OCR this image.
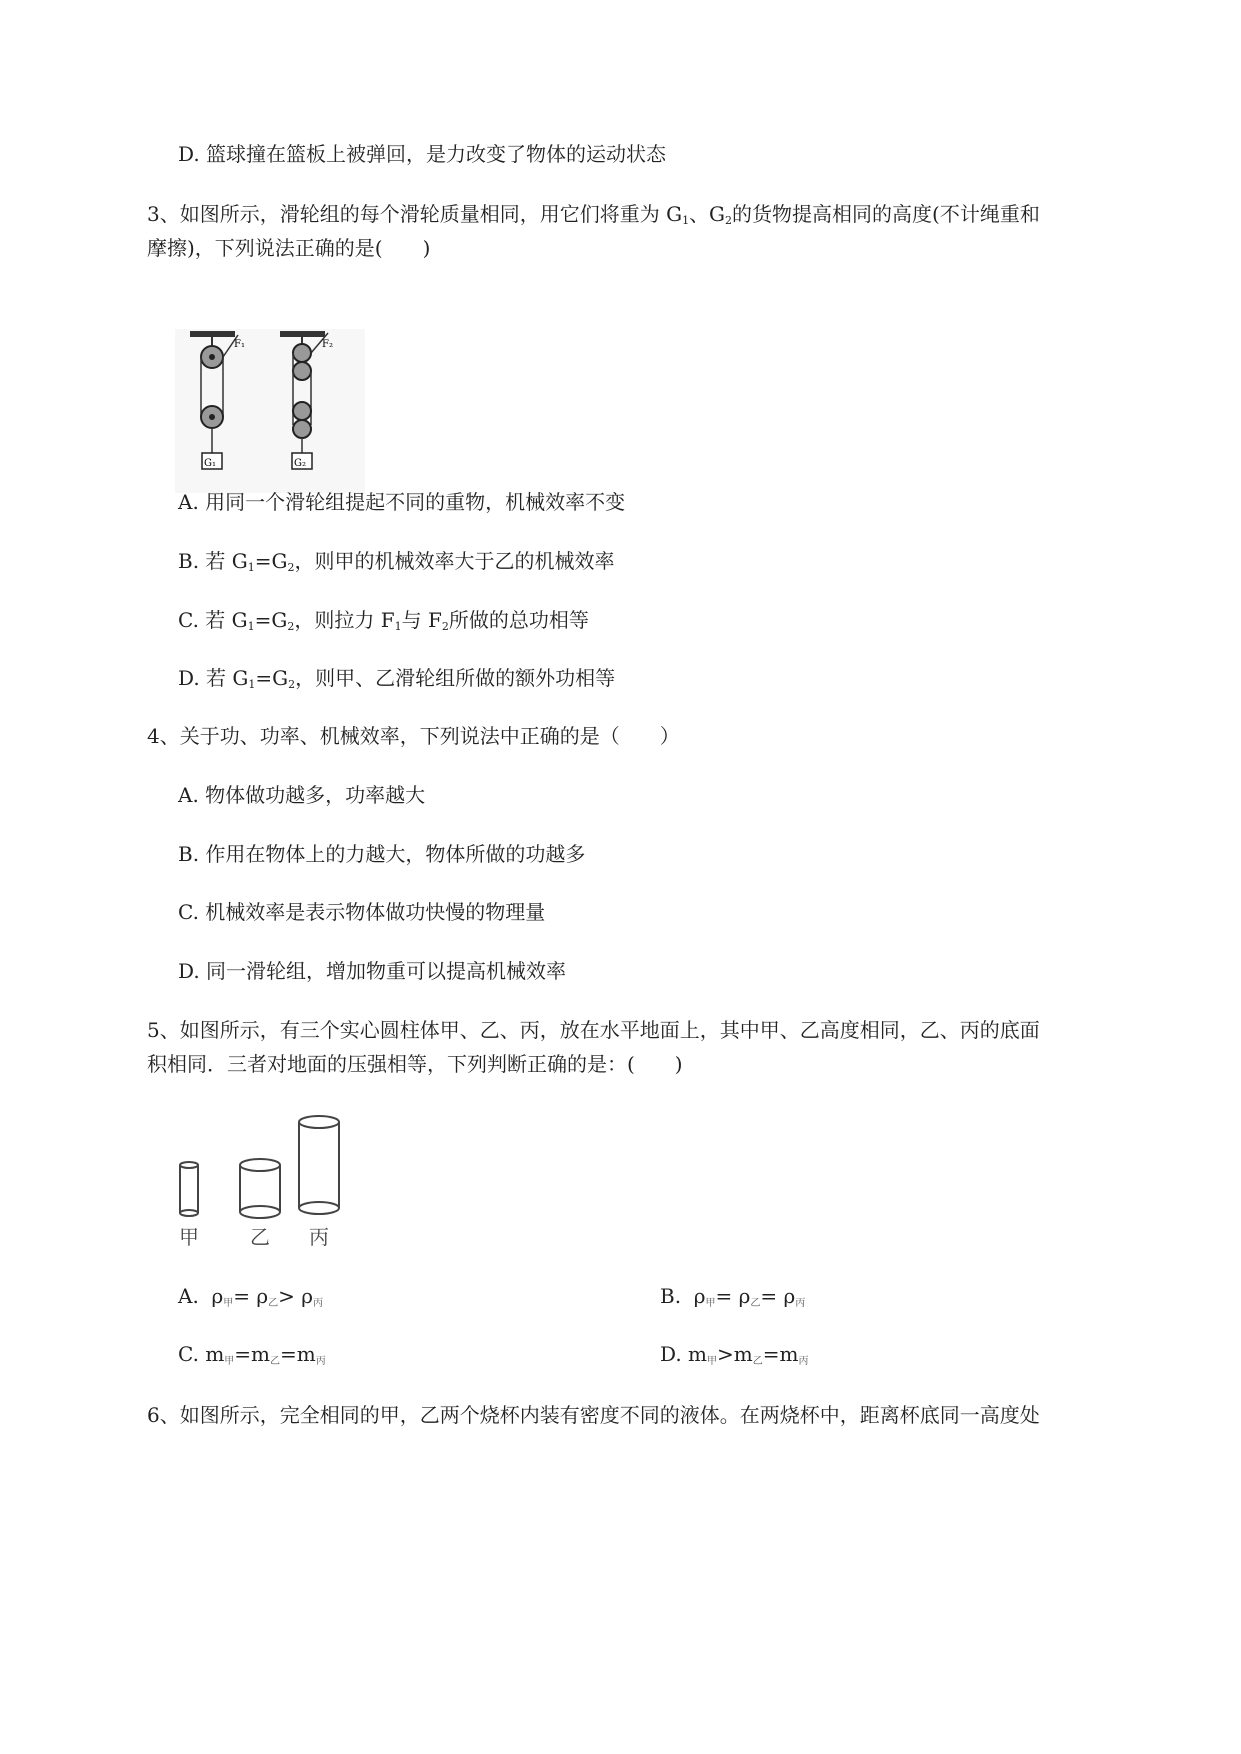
D. 篮球撞在篮板上被弹回，是力改变了物体的运动状态
3、如图所示，滑轮组的每个滑轮质量相同，用它们将重为 $G_1$、$G_2$的货物提高相同的高度(不计绳重和
摩擦)，下列说法正确的是(　　)
F₁
G₁
F₂
G₂
A. 用同一个滑轮组提起不同的重物，机械效率不变
B. 若 $G_1=G_2$，则甲的机械效率大于乙的机械效率
C. 若 $G_1=G_2$，则拉力 $F_1$与 $F_2$所做的总功相等
D. 若 $G_1=G_2$，则甲、乙滑轮组所做的额外功相等
4、关于功、功率、机械效率，下列说法中正确的是（　　）
A. 物体做功越多，功率越大
B. 作用在物体上的力越大，物体所做的功越多
C. 机械效率是表示物体做功快慢的物理量
D. 同一滑轮组，增加物重可以提高机械效率
5、如图所示，有三个实心圆柱体甲、乙、丙，放在水平地面上，其中甲、乙高度相同，乙、丙的底面
积相同．三者对地面的压强相等，下列判断正确的是：(　　)
甲	乙 丙
A. $\rho_甲= \rho_乙> \rho_丙$	B. $\rho_甲= \rho_乙= \rho_丙$
C. $m_甲=m_乙=m_丙$	D. $m_甲>m_乙=m_丙$
6、如图所示，完全相同的甲，乙两个烧杯内装有密度不同的液体。在两烧杯中，距离杯底同一高度处
